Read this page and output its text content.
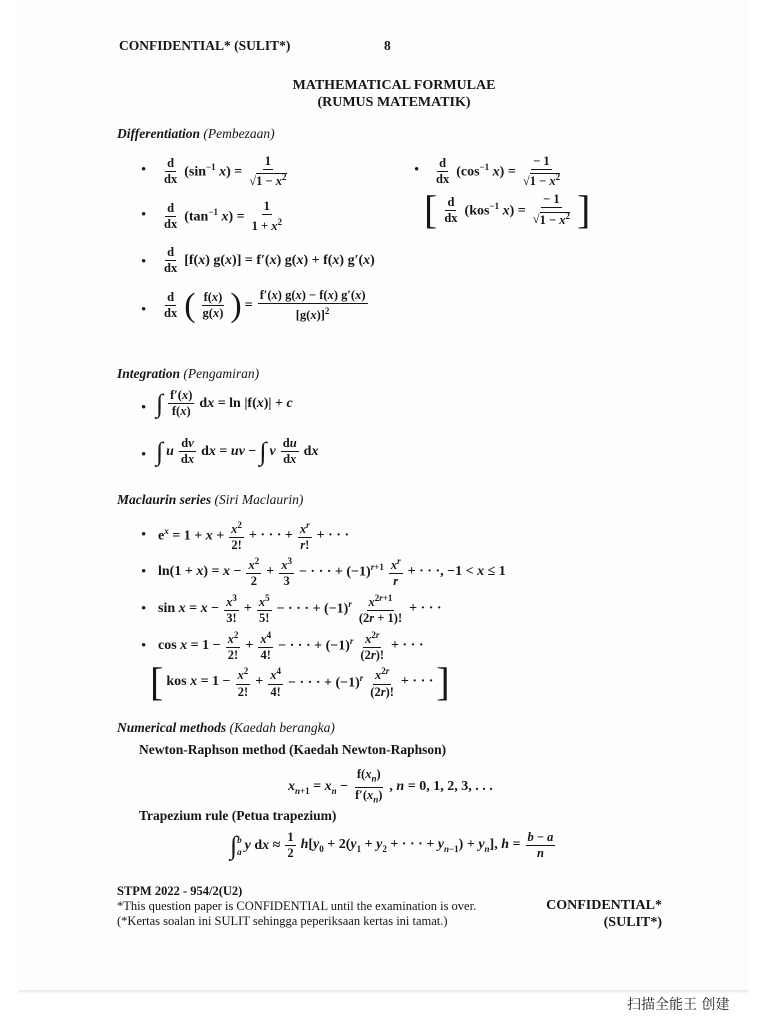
CONFIDENTIAL* (SULIT*)	8
MATHEMATICAL FORMULAE
(RUMUS MATEMATIK)
Differentiation (Pembezaan)
• $\frac{d}{dx} (\sin^{-1}$ $x) = \frac{1}{√1 - x^2}$	• $\frac{d}{dx} (\cos^{-1}$ $x) = \frac{- 1}{√1 - x^2}$
• $\frac{d}{dx} (\tan^{-1}$ $x) = \frac{1}{1 + x^2}$	[ $\frac{d}{dx} (kos^{-1}$ $x) = \frac{- 1}{√1 - x^2}$ ]
• $\frac{d}{dx} [f(x) g(x)] = f'(x) g(x) + f(x)$ g′(x)
• $\frac{d}{dx}$ ( $\frac{f(x)}{g(x)}$ ) = $\frac{f'(x) g(x) - f(x) g'(x)}{[g(x)]^2}$
Integration (Pengamiran)
• ∫ $\frac{f'(x)}{f(x)}$ dx = ln |f(x)| + c
• ∫ u $\frac{dv}{dx}$ dx = uv − ∫ v $\frac{du}{dx}$ dx
Maclaurin series (Siri Maclaurin)
• $e^x = 1 + x + \frac{x^2}{2!}$ + · · · + $\frac{x^r}{r!}$ + · · ·
• $\ln(1 + x) = x - \frac{x^2}{2} + \frac{x^3}{3}$ − · · · + $(-1)^{r+1} \frac{x^r}{r}$ + · · ·, −1 < x ≤ 1
• $\sin x = x - \frac{x^3}{3!} + \frac{x^5}{5!}$ − · · · + $(-1)^r \frac{x^{2r+1}}{(2r + 1)!}$ + · · ·
• $\cos x = 1 - \frac{x^2}{2!} + \frac{x^4}{4!}$ − · · · + $(-1)^r \frac{x^{2r}}{(2r)!}$ + · · ·
[ kos $x = 1 - \frac{x^2}{2!} + \frac{x^4}{4!}$ − · · · + $(-1)^r \frac{x^{2r}}{(2r)!}$ + · · · ]
Numerical methods (Kaedah berangka)
Newton-Raphson method (Kaedah Newton-Raphson)
$x_{n+1} = x_n - \frac{f(x_n)}{f'(x_n)}$ , n = 0, 1, 2, 3, . . .
Trapezium rule (Petua trapezium)
∫ b
a y dx ≈ $\frac{1}{2} h[y_0 + 2(y_1 + y_2$ + · · · + $y_{n-1}) + y_n$], $h = \frac{b - a}{n}$
STPM 2022 - 954/2(U2)
*This question paper is CONFIDENTIAL until the examination is over.
(*Kertas soalan ini SULIT sehingga peperiksaan kertas ini tamat.)
CONFIDENTIAL*
(SULIT*)
扫描全能王 创建
